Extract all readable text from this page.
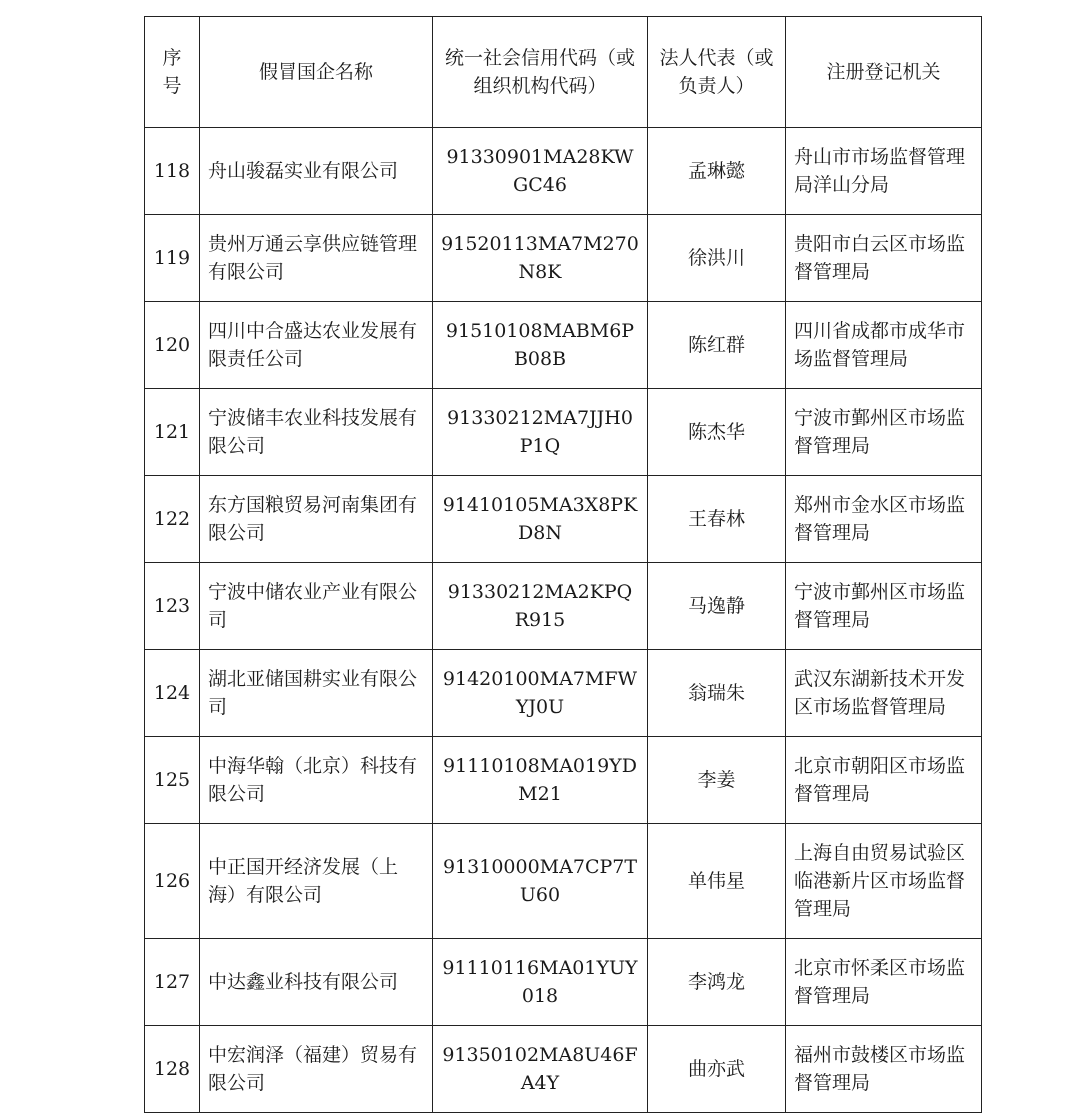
序号	假冒国企名称	统一社会信用代码（或组织机构代码）	法人代表（或负责人）	注册登记机关
118	舟山骏磊实业有限公司	91330901MA28KWGC46	孟琳懿	舟山市市场监督管理局洋山分局
119	贵州万通云享供应链管理有限公司	91520113MA7M270N8K	徐洪川	贵阳市白云区市场监督管理局
120	四川中合盛达农业发展有限责任公司	91510108MABM6PB08B	陈红群	四川省成都市成华市场监督管理局
121	宁波储丰农业科技发展有限公司	91330212MA7JJH0P1Q	陈杰华	宁波市鄞州区市场监督管理局
122	东方国粮贸易河南集团有限公司	91410105MA3X8PKD8N	王春林	郑州市金水区市场监督管理局
123	宁波中储农业产业有限公司	91330212MA2KPQR915	马逸静	宁波市鄞州区市场监督管理局
124	湖北亚储国耕实业有限公司	91420100MA7MFWYJ0U	翁瑞朱	武汉东湖新技术开发区市场监督管理局
125	中海华翰（北京）科技有限公司	91110108MA019YDM21	李姜	北京市朝阳区市场监督管理局
126	中正国开经济发展（上海）有限公司	91310000MA7CP7TU60	单伟星	上海自由贸易试验区临港新片区市场监督管理局
127	中达鑫业科技有限公司	91110116MA01YUY018	李鸿龙	北京市怀柔区市场监督管理局
128	中宏润泽（福建）贸易有限公司	91350102MA8U46FA4Y	曲亦武	福州市鼓楼区市场监督管理局
